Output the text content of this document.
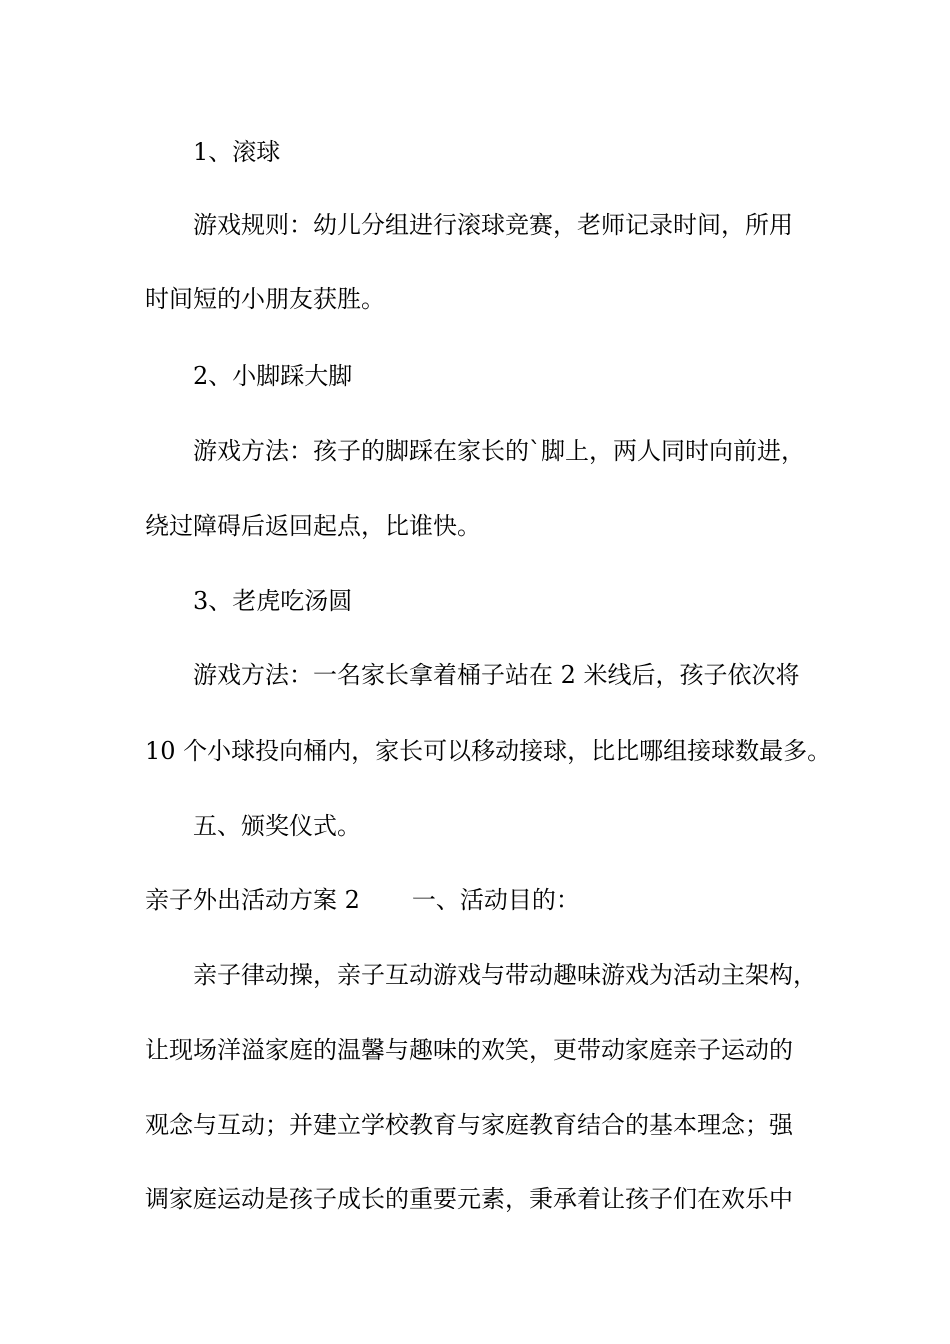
1、滚球
游戏规则：幼儿分组进行滚球竞赛，老师记录时间，所用
时间短的小朋友获胜。
2、小脚踩大脚
游戏方法：孩子的脚踩在家长的`脚上，两人同时向前进，
绕过障碍后返回起点，比谁快。
3、老虎吃汤圆
游戏方法：一名家长拿着桶子站在 2 米线后，孩子依次将
10 个小球投向桶内，家长可以移动接球，比比哪组接球数最多。
五、颁奖仪式。
亲子外出活动方案 2 一、活动目的：
亲子律动操，亲子互动游戏与带动趣味游戏为活动主架构，
让现场洋溢家庭的温馨与趣味的欢笑，更带动家庭亲子运动的
观念与互动；并建立学校教育与家庭教育结合的基本理念；强
调家庭运动是孩子成长的重要元素，秉承着让孩子们在欢乐中
